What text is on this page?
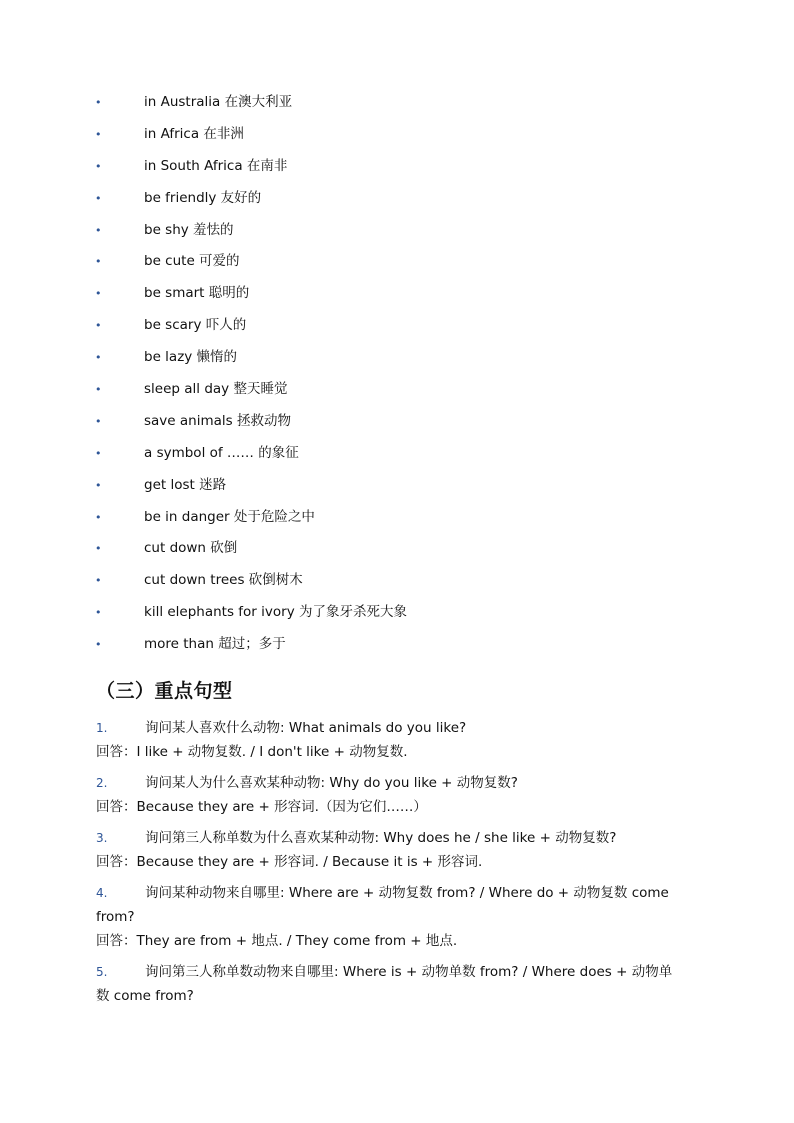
•	in Australia 在澳大利亚
•	in Africa 在非洲
•	in South Africa 在南非
•	be friendly 友好的
•	be shy 羞怯的
•	be cute 可爱的
•	be smart 聪明的
•	be scary 吓人的
•	be lazy 懒惰的
•	sleep all day 整天睡觉
•	save animals 拯救动物
•	a symbol of …… 的象征
•	get lost 迷路
•	be in danger 处于危险之中
•	cut down 砍倒
•	cut down trees 砍倒树木
•	kill elephants for ivory 为了象牙杀死大象
•	more than 超过；多于
（三）重点句型
1.	询问某人喜欢什么动物: What animals do you like?
回答：I like + 动物复数. / I don't like + 动物复数.
2.	询问某人为什么喜欢某种动物: Why do you like + 动物复数?
回答：Because they are + 形容词.（因为它们……）
3.	询问第三人称单数为什么喜欢某种动物: Why does he / she like + 动物复数?
回答：Because they are + 形容词. / Because it is + 形容词.
4.	询问某种动物来自哪里: Where are + 动物复数 from? / Where do + 动物复数 come
from?
回答：They are from + 地点. / They come from + 地点.
5.	询问第三人称单数动物来自哪里: Where is + 动物单数 from? / Where does + 动物单
数 come from?
